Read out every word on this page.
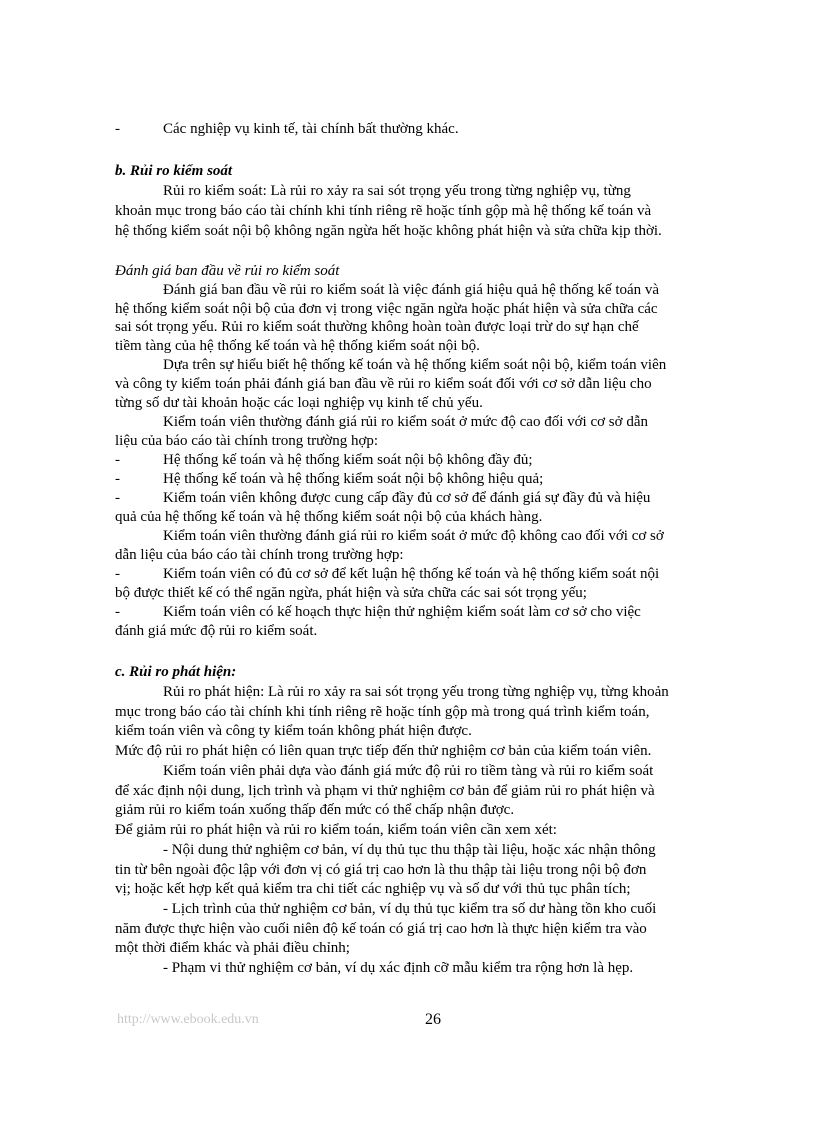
-	Các nghiệp vụ kinh tế, tài chính bất thường khác.
b. Rủi ro kiểm soát
Rủi ro kiểm soát: Là rủi ro xảy ra sai sót trọng yếu trong từng nghiệp vụ, từng
khoản mục trong báo cáo tài chính khi tính riêng rẽ hoặc tính gộp mà hệ thống kế toán và
hệ thống kiểm soát nội bộ không ngăn ngừa hết hoặc không phát hiện và sửa chữa kịp thời.
Đánh giá ban đầu về rủi ro kiểm soát
Đánh giá ban đầu về rủi ro kiểm soát là việc đánh giá hiệu quả hệ thống kế toán và
hệ thống kiểm soát nội bộ của đơn vị trong việc ngăn ngừa hoặc phát hiện và sửa chữa các
sai sót trọng yếu. Rủi ro kiểm soát thường không hoàn toàn được loại trừ do sự hạn chế
tiềm tàng của hệ thống kế toán và hệ thống kiểm soát nội bộ.
Dựa trên sự hiểu biết hệ thống kế toán và hệ thống kiểm soát nội bộ, kiểm toán viên
và công ty kiểm toán phải đánh giá ban đầu về rủi ro kiểm soát đối với cơ sở dẫn liệu cho
từng số dư tài khoản hoặc các loại nghiệp vụ kinh tế chủ yếu.
Kiểm toán viên thường đánh giá rủi ro kiểm soát ở mức độ cao đối với cơ sở dẫn
liệu của báo cáo tài chính trong trường hợp:
-	Hệ thống kế toán và hệ thống kiểm soát nội bộ không đầy đủ;
-	Hệ thống kế toán và hệ thống kiểm soát nội bộ không hiệu quả;
-	Kiểm toán viên không được cung cấp đầy đủ cơ sở để đánh giá sự đầy đủ và hiệu
quả của hệ thống kế toán và hệ thống kiểm soát nội bộ của khách hàng.
Kiểm toán viên thường đánh giá rủi ro kiểm soát ở mức độ không cao đối với cơ sở
dẫn liệu của báo cáo tài chính trong trường hợp:
-	Kiểm toán viên có đủ cơ sở để kết luận hệ thống kế toán và hệ thống kiểm soát nội
bộ được thiết kế có thể ngăn ngừa, phát hiện và sửa chữa các sai sót trọng yếu;
-	Kiểm toán viên có kế hoạch thực hiện thử nghiệm kiểm soát làm cơ sở cho việc
đánh giá mức độ rủi ro kiểm soát.
c. Rủi ro phát hiện:
Rủi ro phát hiện: Là rủi ro xảy ra sai sót trọng yếu trong từng nghiệp vụ, từng khoản
mục trong báo cáo tài chính khi tính riêng rẽ hoặc tính gộp mà trong quá trình kiểm toán,
kiểm toán viên và công ty kiểm toán không phát hiện được.
Mức độ rủi ro phát hiện có liên quan trực tiếp đến thử nghiệm cơ bản của kiểm toán viên.
Kiểm toán viên phải dựa vào đánh giá mức độ rủi ro tiềm tàng và rủi ro kiểm soát
để xác định nội dung, lịch trình và phạm vi thử nghiệm cơ bản để giảm rủi ro phát hiện và
giảm rủi ro kiểm toán xuống thấp đến mức có thể chấp nhận được.
Để giảm rủi ro phát hiện và rủi ro kiểm toán, kiểm toán viên cần xem xét:
- Nội dung thử nghiệm cơ bản, ví dụ thủ tục thu thập tài liệu, hoặc xác nhận thông
tin từ bên ngoài độc lập với đơn vị có giá trị cao hơn là thu thập tài liệu trong nội bộ đơn
vị; hoặc kết hợp kết quả kiểm tra chi tiết các nghiệp vụ và số dư với thủ tục phân tích;
- Lịch trình của thử nghiệm cơ bản, ví dụ thủ tục kiểm tra số dư hàng tồn kho cuối
năm được thực hiện vào cuối niên độ kế toán có giá trị cao hơn là thực hiện kiểm tra vào
một thời điểm khác và phải điều chỉnh;
- Phạm vi thử nghiệm cơ bản, ví dụ xác định cỡ mẫu kiểm tra rộng hơn là hẹp.
http://www.ebook.edu.vn	26
